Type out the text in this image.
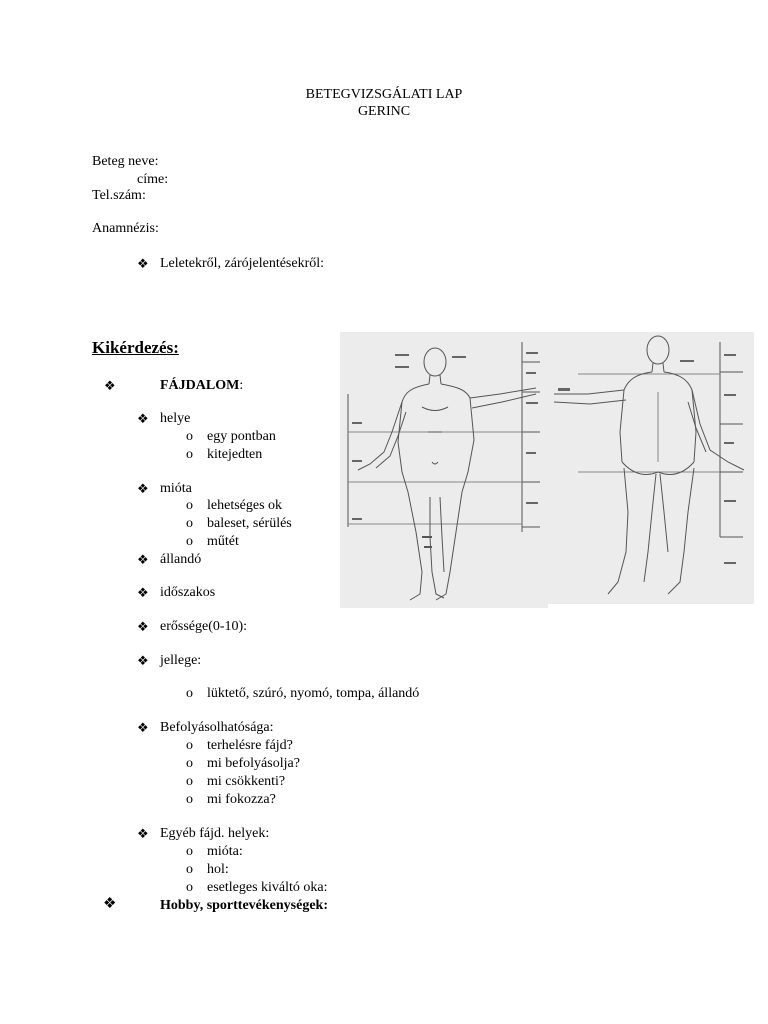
BETEGVIZSGÁLATI LAP
GERINC
Beteg neve:
címe:
Tel.szám:
Anamnézis:
❖ Leletekről, zárójelentésekről:
Kikérdezés:
❖	FÁJDALOM:
❖ helye
o egy pontban
o kitejedten
❖ mióta
o lehetséges ok
o baleset, sérülés
o műtét
❖ állandó
❖ időszakos
❖ erőssége(0-10):
❖ jellege:
o lüktető, szúró, nyomó, tompa, állandó
❖ Befolyásolhatósága:
o terhelésre fájd?
o mi befolyásolja?
o mi csökkenti?
o mi fokozza?
❖ Egyéb fájd. helyek:
o mióta:
o hol:
o esetleges kiváltó oka:
❖	Hobby, sporttevékenységek:
